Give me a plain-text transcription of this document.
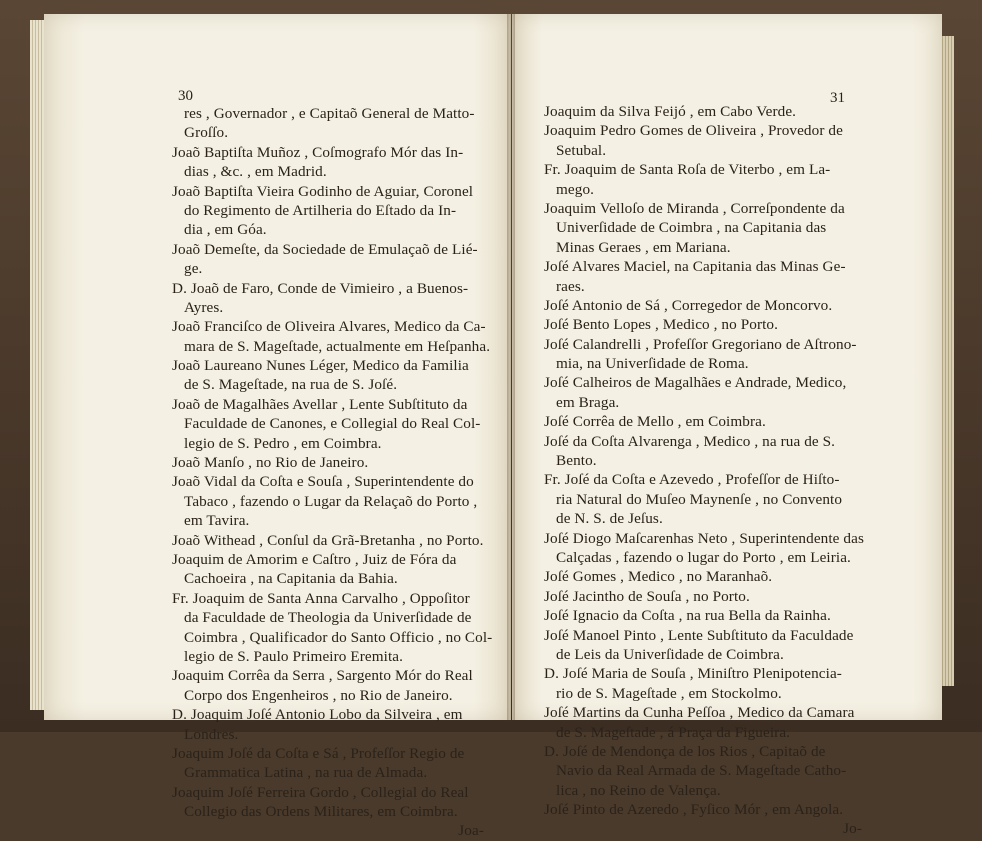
30	31
res , Governador , e Capitaõ General de Matto-
Groſſo.
Joaõ Baptiſta Muñoz , Coſmografo Mór das In-
dias , &c. , em Madrid.
Joaõ Baptiſta Vieira Godinho de Aguiar, Coronel
do Regimento de Artilheria do Eſtado da In-
dia , em Góa.
Joaõ Demeſte, da Sociedade de Emulaçaõ de Lié-
ge.
D. Joaõ de Faro, Conde de Vimieiro , a Buenos-
Ayres.
Joaõ Franciſco de Oliveira Alvares, Medico da Ca-
mara de S. Mageſtade, actualmente em Heſpanha.
Joaõ Laureano Nunes Léger, Medico da Familia
de S. Mageſtade, na rua de S. Joſé.
Joaõ de Magalhães Avellar , Lente Subſtituto da
Faculdade de Canones, e Collegial do Real Col-
legio de S. Pedro , em Coimbra.
Joaõ Manſo , no Rio de Janeiro.
Joaõ Vidal da Coſta e Souſa , Superintendente do
Tabaco , fazendo o Lugar da Relaçaõ do Porto ,
em Tavira.
Joaõ Withead , Conſul da Grã-Bretanha , no Porto.
Joaquim de Amorim e Caſtro , Juiz de Fóra da
Cachoeira , na Capitania da Bahia.
Fr. Joaquim de Santa Anna Carvalho , Oppoſitor
da Faculdade de Theologia da Univerſidade de
Coimbra , Qualificador do Santo Officio , no Col-
legio de S. Paulo Primeiro Eremita.
Joaquim Corrêa da Serra , Sargento Mór do Real
Corpo dos Engenheiros , no Rio de Janeiro.
D. Joaquim Joſé Antonio Lobo da Silveira , em
Londres.
Joaquim Joſé da Coſta e Sá , Profeſſor Regio de
Grammatica Latina , na rua de Almada.
Joaquim Joſé Ferreira Gordo , Collegial do Real
Collegio das Ordens Militares, em Coimbra.
Joa-
Joaquim da Silva Feijó , em Cabo Verde.
Joaquim Pedro Gomes de Oliveira , Provedor de
Setubal.
Fr. Joaquim de Santa Roſa de Viterbo , em La-
mego.
Joaquim Velloſo de Miranda , Correſpondente da
Univerſidade de Coimbra , na Capitania das
Minas Geraes , em Mariana.
Joſé Alvares Maciel, na Capitania das Minas Ge-
raes.
Joſé Antonio de Sá , Corregedor de Moncorvo.
Joſé Bento Lopes , Medico , no Porto.
Joſé Calandrelli , Profeſſor Gregoriano de Aſtrono-
mia, na Univerſidade de Roma.
Joſé Calheiros de Magalhães e Andrade, Medico,
em Braga.
Joſé Corrêa de Mello , em Coimbra.
Joſé da Coſta Alvarenga , Medico , na rua de S.
Bento.
Fr. Joſé da Coſta e Azevedo , Profeſſor de Hiſto-
ria Natural do Muſeo Maynenſe , no Convento
de N. S. de Jeſus.
Joſé Diogo Maſcarenhas Neto , Superintendente das
Calçadas , fazendo o lugar do Porto , em Leiria.
Joſé Gomes , Medico , no Maranhaõ.
Joſé Jacintho de Souſa , no Porto.
Joſé Ignacio da Coſta , na rua Bella da Rainha.
Joſé Manoel Pinto , Lente Subſtituto da Faculdade
de Leis da Univerſidade de Coimbra.
D. Joſé Maria de Souſa , Miniſtro Plenipotencia-
rio de S. Mageſtade , em Stockolmo.
Joſé Martins da Cunha Peſſoa , Medico da Camara
de S. Mageſtade , á Praça da Figueira.
D. Joſé de Mendonça de los Rios , Capitaõ de
Navio da Real Armada de S. Mageſtade Catho-
lica , no Reino de Valença.
Joſé Pinto de Azeredo , Fyſico Mór , em Angola.
Jo-
